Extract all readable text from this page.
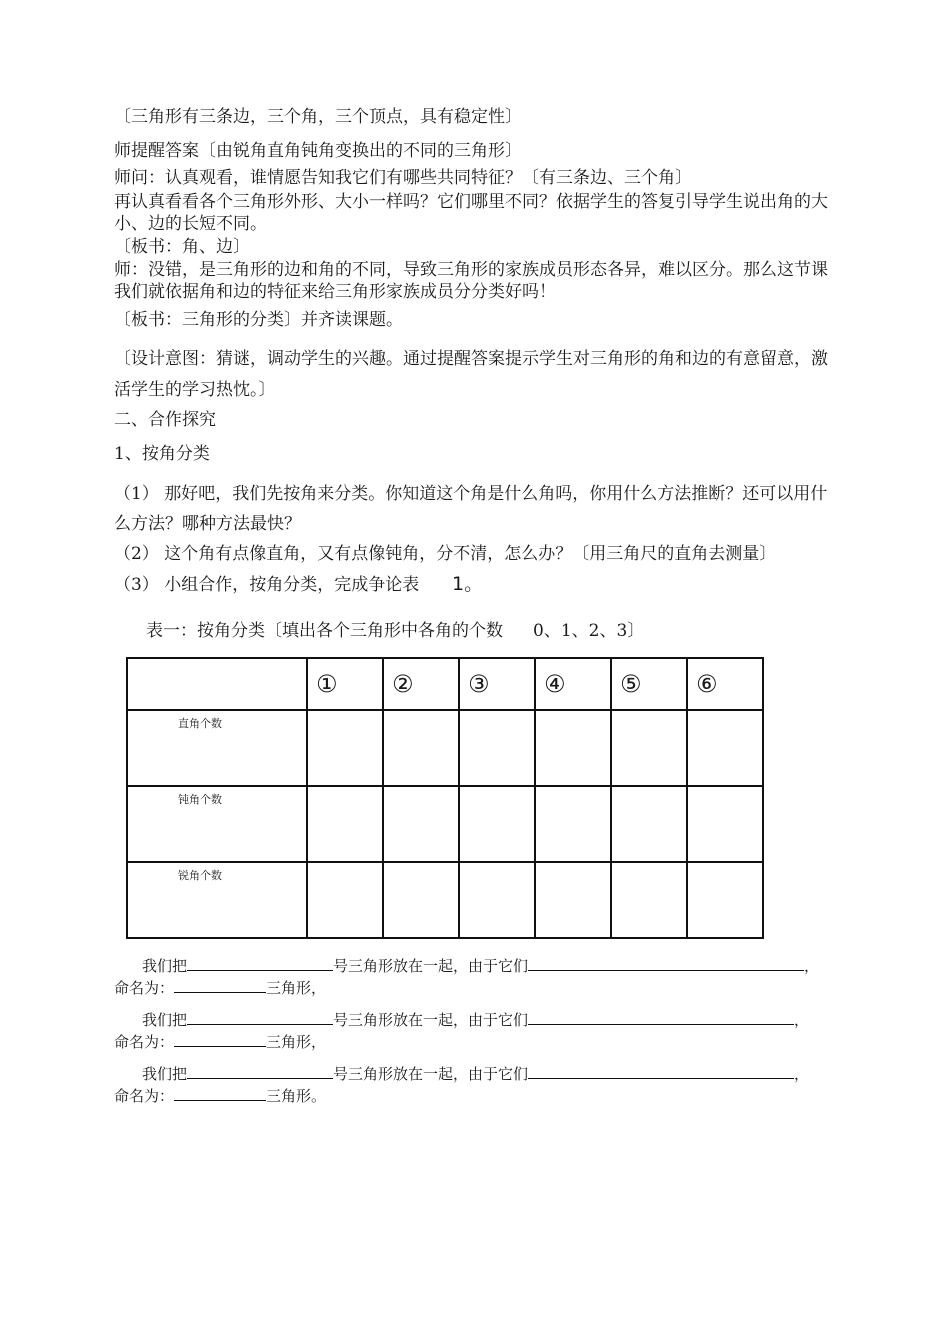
〔三角形有三条边，三个角，三个顶点，具有稳定性〕
师提醒答案〔由锐角直角钝角变换出的不同的三角形〕
师问：认真观看，谁情愿告知我它们有哪些共同特征？〔有三条边、三个角〕
再认真看看各个三角形外形、大小一样吗？它们哪里不同？依据学生的答复引导学生说出角的大小、边的长短不同。
〔板书：角、边〕
师：没错，是三角形的边和角的不同，导致三角形的家族成员形态各异，难以区分。那么这节课我们就依据角和边的特征来给三角形家族成员分分类好吗！
〔板书：三角形的分类〕并齐读课题。
〔设计意图：猜谜，调动学生的兴趣。通过提醒答案提示学生对三角形的角和边的有意留意，激活学生的学习热忱。〕
二、合作探究
1、按角分类
（1） 那好吧，我们先按角来分类。你知道这个角是什么角吗，你用什么方法推断？还可以用什么方法？哪种方法最快？
（2） 这个角有点像直角，又有点像钝角，分不清，怎么办？〔用三角尺的直角去测量〕
（3） 小组合作，按角分类，完成争论表 1。
表一：按角分类〔填出各个三角形中各角的个数 0、1、2、3〕
	①	②	③	④	⑤	⑥

直角个数						

钝角个数						

锐角个数						

我们把	号三角形放在一起，由于它们	，
命名为：	三角形，
我们把	号三角形放在一起，由于它们	，
命名为：	三角形，
我们把	号三角形放在一起，由于它们	，
命名为：	三角形。
